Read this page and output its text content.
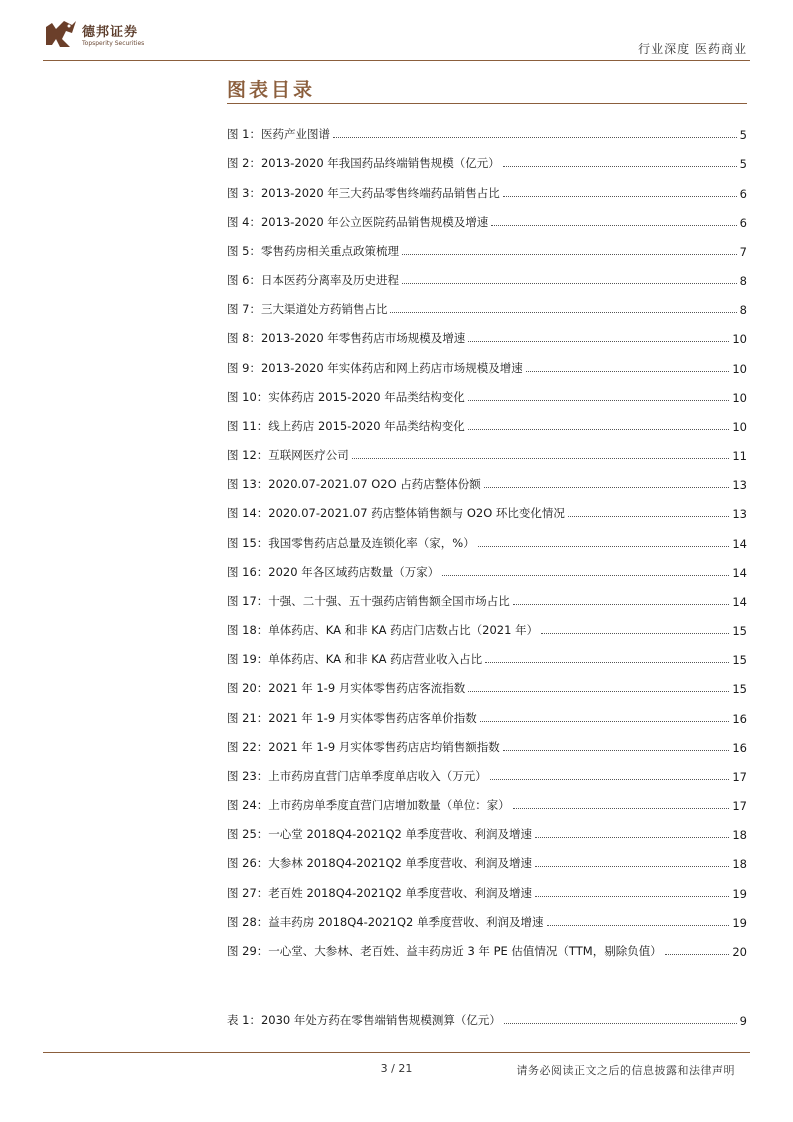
德邦证券
Topsperity Securities	行业深度 医药商业
图表目录
图 1：医药产业图谱	5
图 2：2013-2020 年我国药品终端销售规模（亿元）	5
图 3：2013-2020 年三大药品零售终端药品销售占比	6
图 4：2013-2020 年公立医院药品销售规模及增速	6
图 5：零售药房相关重点政策梳理	7
图 6：日本医药分离率及历史进程	8
图 7：三大渠道处方药销售占比	8
图 8：2013-2020 年零售药店市场规模及增速	10
图 9：2013-2020 年实体药店和网上药店市场规模及增速	10
图 10：实体药店 2015-2020 年品类结构变化	10
图 11：线上药店 2015-2020 年品类结构变化	10
图 12：互联网医疗公司	11
图 13：2020.07-2021.07 O2O 占药店整体份额	13
图 14：2020.07-2021.07 药店整体销售额与 O2O 环比变化情况	13
图 15：我国零售药店总量及连锁化率（家，%）	14
图 16：2020 年各区域药店数量（万家）	14
图 17：十强、二十强、五十强药店销售额全国市场占比	14
图 18：单体药店、KA 和非 KA 药店门店数占比（2021 年）	15
图 19：单体药店、KA 和非 KA 药店营业收入占比	15
图 20：2021 年 1-9 月实体零售药店客流指数	15
图 21：2021 年 1-9 月实体零售药店客单价指数	16
图 22：2021 年 1-9 月实体零售药店店均销售额指数	16
图 23：上市药房直营门店单季度单店收入（万元）	17
图 24：上市药房单季度直营门店增加数量（单位：家）	17
图 25：一心堂 2018Q4-2021Q2 单季度营收、利润及增速	18
图 26：大参林 2018Q4-2021Q2 单季度营收、利润及增速	18
图 27：老百姓 2018Q4-2021Q2 单季度营收、利润及增速	19
图 28：益丰药房 2018Q4-2021Q2 单季度营收、利润及增速	19
图 29：一心堂、大参林、老百姓、益丰药房近 3 年 PE 估值情况（TTM，剔除负值）	20
表 1：2030 年处方药在零售端销售规模测算（亿元）	9
3 / 21	请务必阅读正文之后的信息披露和法律声明
